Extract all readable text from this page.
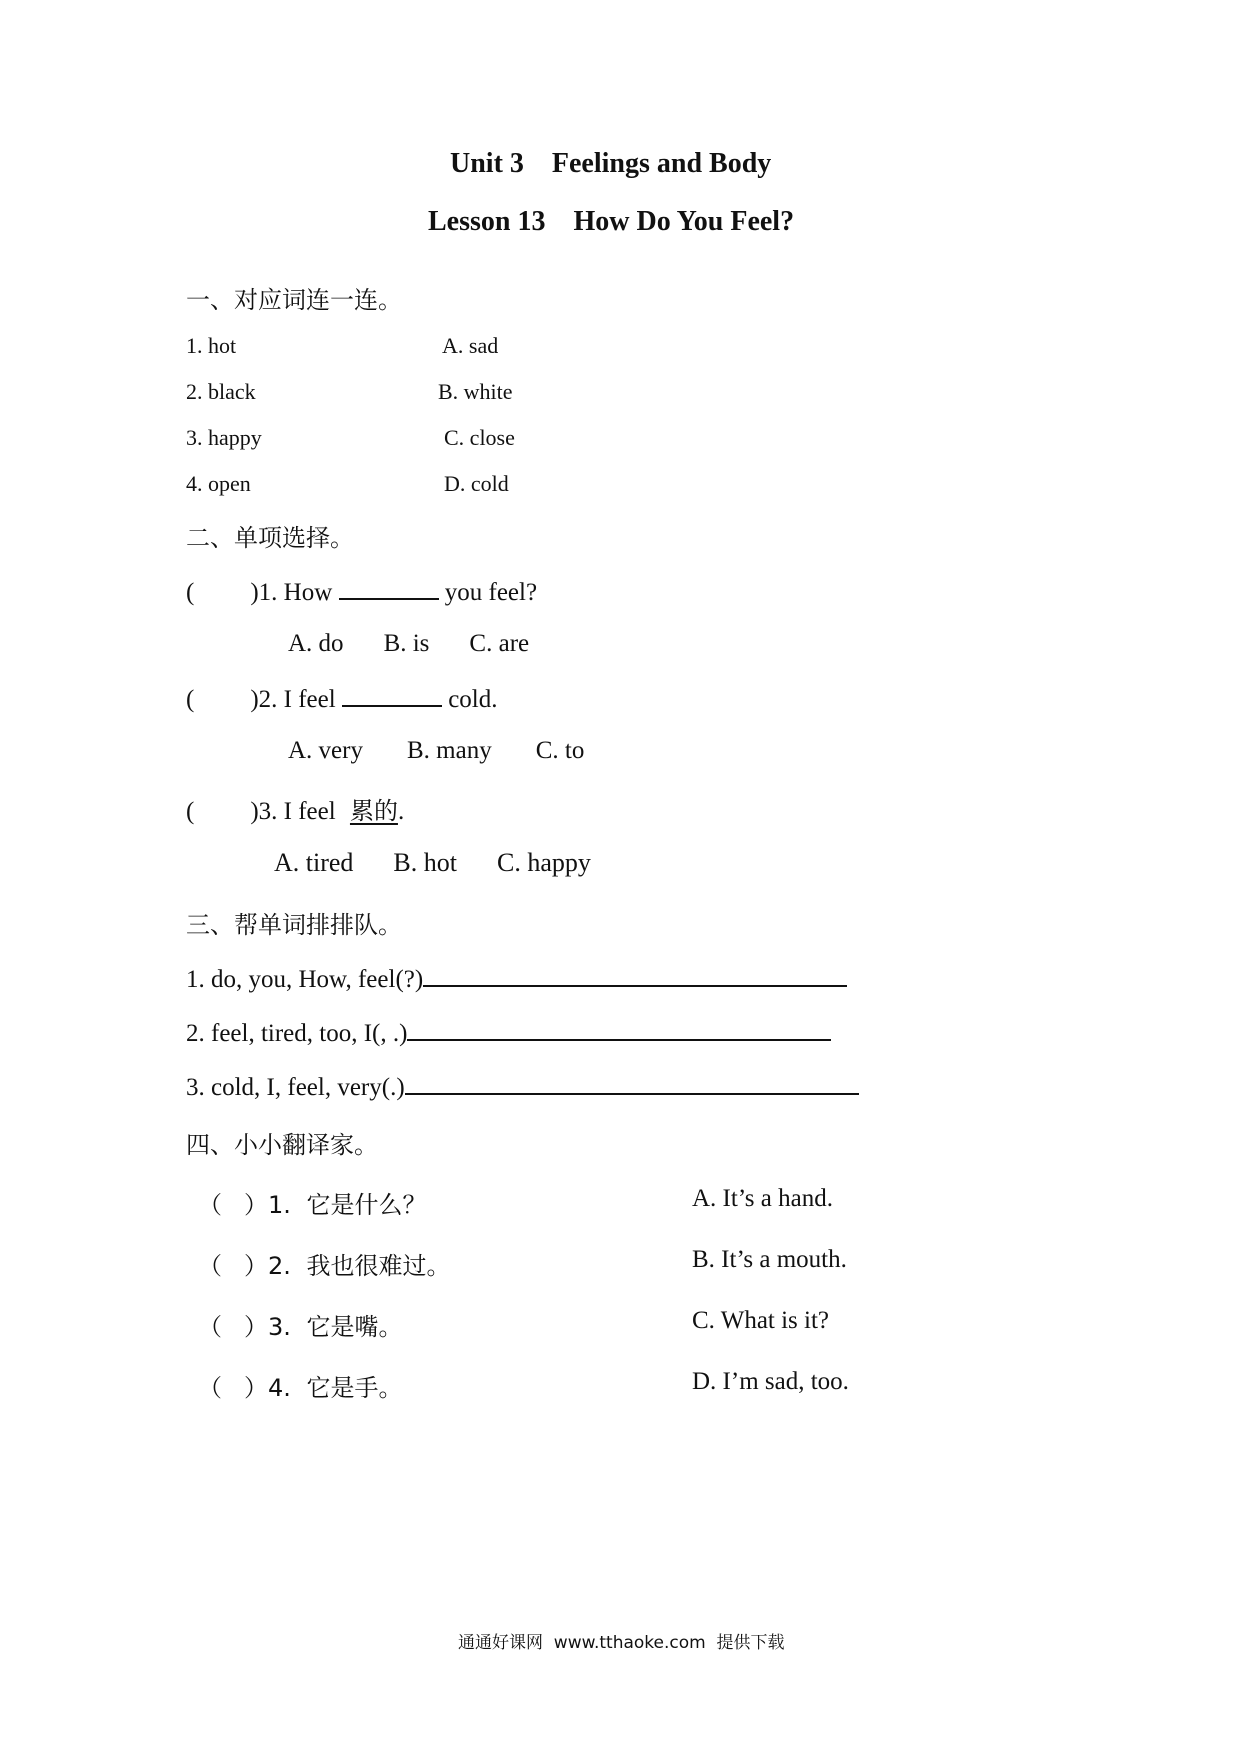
Unit 3    Feelings and Body
Lesson 13    How Do You Feel?
一、对应词连一连。
1. hot	A. sad
2. black	B. white
3. happy	C. close
4. open	D. cold
二、单项选择。
( )1. How	you feel?
A. do B. is C. are
( )2. I feel	cold.
A. very B. many C. to
( )3. I feel 累的.
A. tired B. hot C. happy
三、帮单词排排队。
1. do, you, How, feel(?)
2. feel, tired, too, I(, .)
3. cold, I, feel, very(.)
四、小小翻译家。
（ ）1. 它是什么？	A. It’s a hand.
（ ）2. 我也很难过。	B. It’s a mouth.
（ ）3. 它是嘴。	C. What is it?
（ ）4. 它是手。	D. I’m sad, too.
通通好课网  www.tthaoke.com  提供下载
